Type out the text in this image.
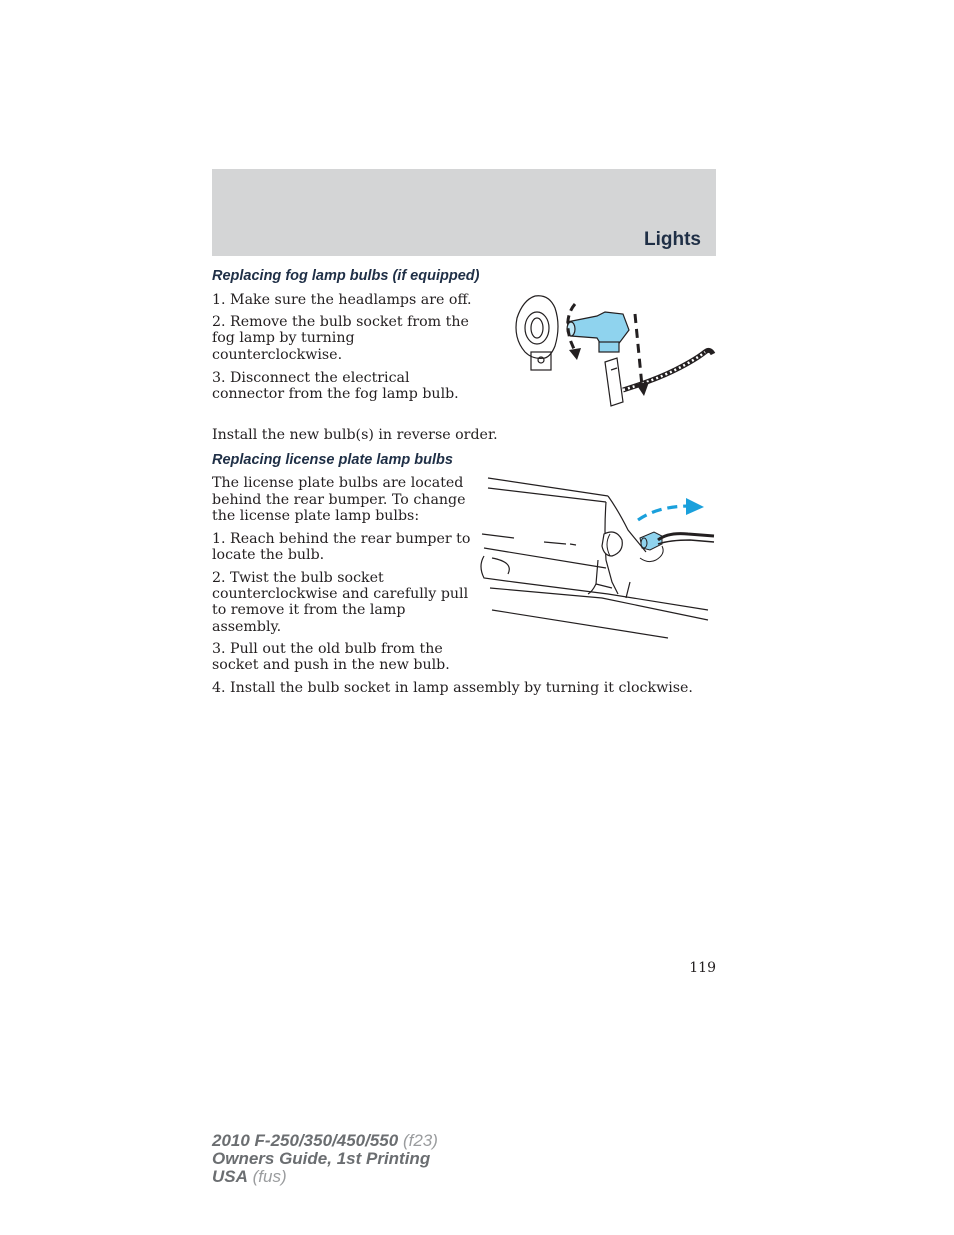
Lights
Replacing fog lamp bulbs (if equipped)

1. Make sure the headlamps are off.

2. Remove the bulb socket from the

fog lamp by turning

counterclockwise.

3. Disconnect the electrical

connector from the fog lamp bulb.

Install the new bulb(s) in reverse order.

Replacing license plate lamp bulbs

The license plate bulbs are located

behind the rear bumper. To change

the license plate lamp bulbs:

1. Reach behind the rear bumper to

locate the bulb.

2. Twist the bulb socket

counterclockwise and carefully pull

to remove it from the lamp

assembly.

3. Pull out the old bulb from the

socket and push in the new bulb.

4. Install the bulb socket in lamp assembly by turning it clockwise.

119
2010 F-250/350/450/550 (f23)
Owners Guide, 1st Printing
USA (fus)
